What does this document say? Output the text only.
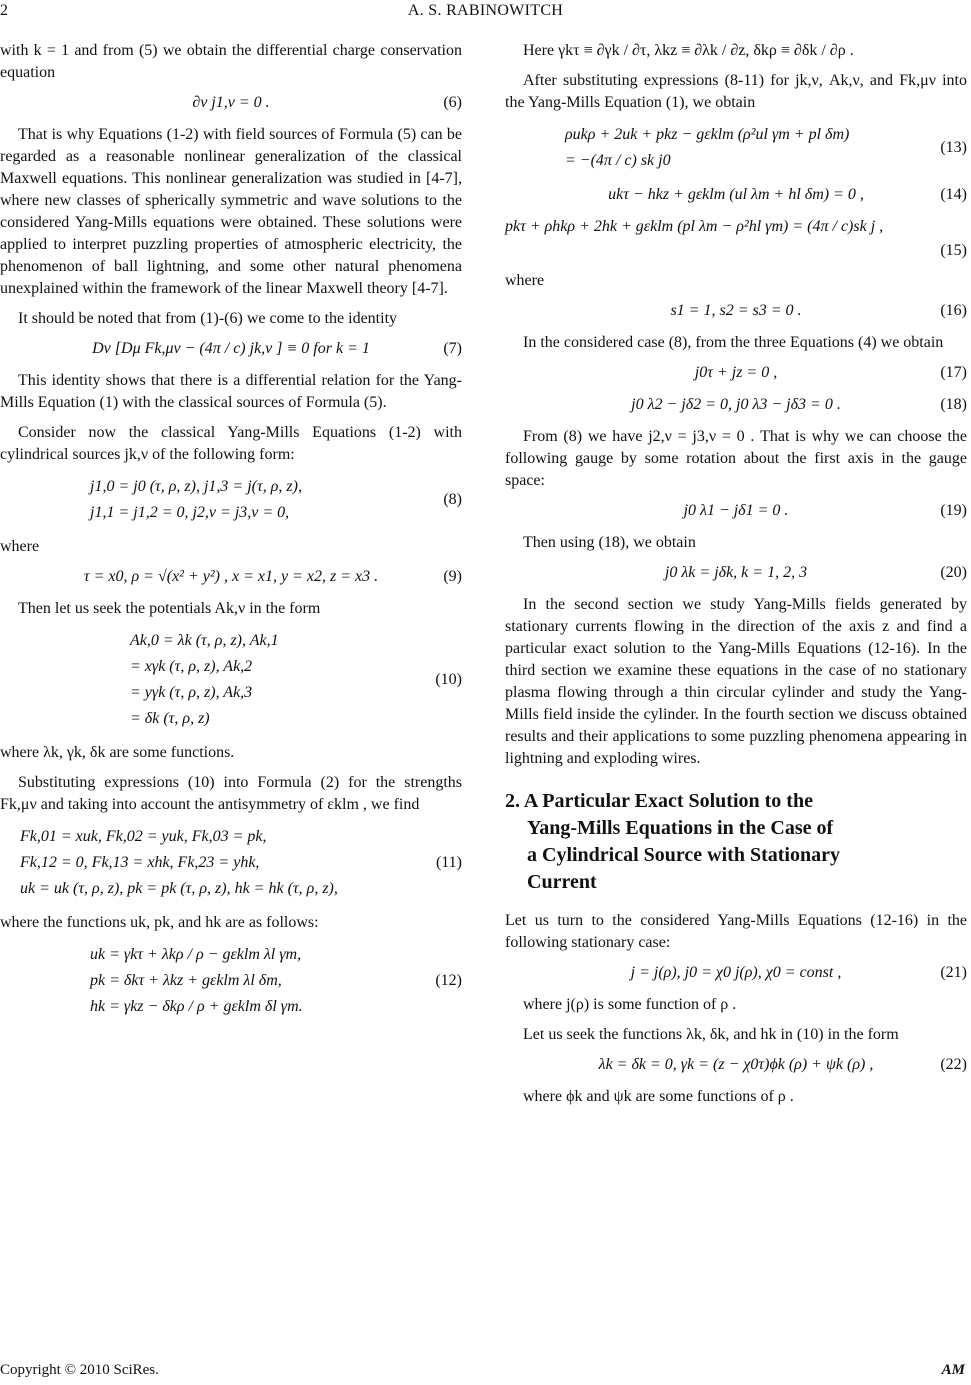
2	A. S. RABINOWITCH

with k = 1 and from (5) we obtain the differential charge conservation equation

∂ν j1,ν = 0 .	(6)

That is why Equations (1-2) with field sources of Formula (5) can be regarded as a reasonable nonlinear generalization of the classical Maxwell equations. This nonlinear generalization was studied in [4-7], where new classes of spherically symmetric and wave solutions to the considered Yang-Mills equations were obtained. These solutions were applied to interpret puzzling properties of atmospheric electricity, the phenomenon of ball lightning, and some other natural phenomena unexplained within the framework of the linear Maxwell theory [4-7].

It should be noted that from (1)-(6) we come to the identity

Dν [Dμ Fk,μν − (4π / c) jk,ν ] ≡ 0 for k = 1	(7)

This identity shows that there is a differential relation for the Yang-Mills Equation (1) with the classical sources of Formula (5).

Consider now the classical Yang-Mills Equations (1-2) with cylindrical sources jk,ν of the following form:

j1,0 = j0 (τ, ρ, z), j1,3 = j(τ, ρ, z),
j1,1 = j1,2 = 0, j2,ν = j3,ν = 0,
(8)

where

τ = x0, ρ = √(x² + y²) , x = x1, y = x2, z = x3 .	(9)

Then let us seek the potentials Ak,ν in the form

Ak,0 = λk (τ, ρ, z), Ak,1
= xγk (τ, ρ, z), Ak,2
= yγk (τ, ρ, z), Ak,3
= δk (τ, ρ, z)
(10)

where λk, γk, δk are some functions.

Substituting expressions (10) into Formula (2) for the strengths Fk,μν and taking into account the antisymmetry of εklm , we find

Fk,01 = xuk, Fk,02 = yuk, Fk,03 = pk,
Fk,12 = 0, Fk,13 = xhk, Fk,23 = yhk,
uk = uk (τ, ρ, z), pk = pk (τ, ρ, z), hk = hk (τ, ρ, z),
(11)

where the functions uk, pk, and hk are as follows:

uk = γkτ + λkρ / ρ − gεklm λl γm,
pk = δkτ + λkz + gεklm λl δm,
hk = γkz − δkρ / ρ + gεklm δl γm.
(12)

Here γkτ ≡ ∂γk / ∂τ, λkz ≡ ∂λk / ∂z, δkρ ≡ ∂δk / ∂ρ .

After substituting expressions (8-11) for jk,ν, Ak,ν, and Fk,μν into the Yang-Mills Equation (1), we obtain

ρukρ + 2uk + pkz − gεklm (ρ²ul γm + pl δm)
= −(4π / c) sk j0
(13)
ukτ − hkz + gεklm (ul λm + hl δm) = 0 ,	(14)
pkτ + ρhkρ + 2hk + gεklm (pl λm − ρ²hl γm) = (4π / c)sk j ,
(15)

where

s1 = 1, s2 = s3 = 0 .	(16)

In the considered case (8), from the three Equations (4) we obtain

j0τ + jz = 0 ,	(17)
j0 λ2 − jδ2 = 0, j0 λ3 − jδ3 = 0 .	(18)

From (8) we have j2,ν = j3,ν = 0 . That is why we can choose the following gauge by some rotation about the first axis in the gauge space:

j0 λ1 − jδ1 = 0 .	(19)

Then using (18), we obtain

j0 λk = jδk, k = 1, 2, 3	(20)

In the second section we study Yang-Mills fields generated by stationary currents flowing in the direction of the axis z and find a particular exact solution to the Yang-Mills Equations (12-16). In the third section we examine these equations in the case of no stationary plasma flowing through a thin circular cylinder and study the Yang-Mills field inside the cylinder. In the fourth section we discuss obtained results and their applications to some puzzling phenomena appearing in lightning and exploding wires.

2. A Particular Exact Solution to the
Yang-Mills Equations in the Case of
a Cylindrical Source with Stationary
Current

Let us turn to the considered Yang-Mills Equations (12-16) in the following stationary case:

j = j(ρ), j0 = χ0 j(ρ), χ0 = const ,	(21)

where j(ρ) is some function of ρ .

Let us seek the functions λk, δk, and hk in (10) in the form

λk = δk = 0, γk = (z − χ0τ)ϕk (ρ) + ψk (ρ) ,	(22)

where ϕk and ψk are some functions of ρ .

Copyright © 2010 SciRes.	AM
